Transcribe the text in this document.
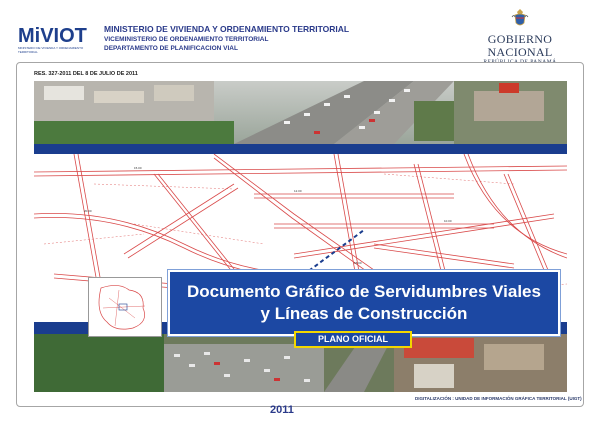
MiVIOT
MINISTERIO DE VIVIENDA Y ORDENAMIENTO TERRITORIAL
MINISTERIO DE VIVIENDA Y ORDENAMIENTO TERRITORIAL
VICEMINISTERIO DE ORDENAMIENTO TERRITORIAL
DEPARTAMENTO DE PLANIFICACION VIAL
GOBIERNO NACIONAL
REPÚBLICA DE PANAMÁ
RES. 327-2011 DEL 8 DE JULIO DE 2011
15.00
12.00
10.00
20.00
15.00
Documento Gráfico de Servidumbres Viales
y Líneas de Construcción
PLANO OFICIAL
DIGITALIZACIÓN : UNIDAD DE INFORMACIÓN GRÁFICA TERRITORIAL (UIGT)
2011
